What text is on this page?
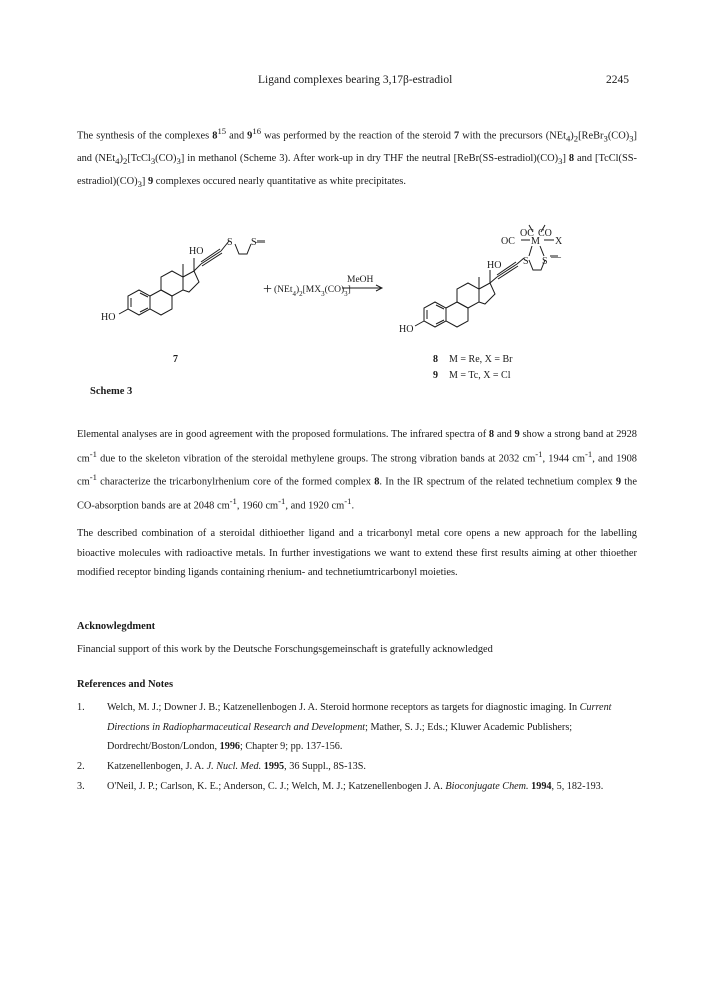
Ligand complexes bearing 3,17β-estradiol	2245

The synthesis of the complexes $8^{15}$ and $9^{16}$ was performed by the reaction of the steroid 7 with the precursors $(NEt_4)_2[ReBr_3(CO)_3]$ and $(NEt_4)_2[TcCl_3(CO)_3]$ in methanol (Scheme 3). After work-up in dry THF the neutral $[ReBr(SS-estradiol)(CO)_3]$ 8 and $[TcCl(SS-estradiol)(CO)_3]$ 9 complexes occured nearly quantitative as white precipitates.

HO
S S
—
HO
+ $(NEt_4)_2[MX_3(CO)_3]$
MeOH
HO S S —
OC CO
OC M X
HO
7	8 M = Re, X = Br
9 M = Tc, X = Cl
Scheme 3

Elemental analyses are in good agreement with the proposed formulations. The infrared spectra of 8 and 9 show a strong band at 2928 $cm^{-1}$ due to the skeleton vibration of the steroidal methylene groups. The strong vibration bands at 2032 $cm^{-1}$, 1944 $cm^{-1}$, and 1908 $cm^{-1}$ characterize the tricarbonylrhenium core of the formed complex 8. In the IR spectrum of the related technetium complex 9 the CO-absorption bands are at 2048 $cm^{-1}$, 1960 $cm^{-1}$, and 1920 $cm^{-1}$.

The described combination of a steroidal dithioether ligand and a tricarbonyl metal core opens a new approach for the labelling bioactive molecules with radioactive metals. In further investigations we want to extend these first results aiming at other thioether modified receptor binding ligands containing rhenium- and technetiumtricarbonyl moieties.

Acknowlegdment

Financial support of this work by the Deutsche Forschungsgemeinschaft is gratefully acknowledged

References and Notes
1. Welch, M. J.; Downer J. B.; Katzenellenbogen J. A. Steroid hormone receptors as targets for diagnostic imaging. In Current Directions in Radiopharmaceutical Research and Development; Mather, S. J.; Eds.; Kluwer Academic Publishers; Dordrecht/Boston/London, 1996; Chapter 9; pp. 137-156.
2. Katzenellenbogen, J. A. J. Nucl. Med. 1995, 36 Suppl., 8S-13S.
3. O'Neil, J. P.; Carlson, K. E.; Anderson, C. J.; Welch, M. J.; Katzenellenbogen J. A. Bioconjugate Chem. 1994, 5, 182-193.
